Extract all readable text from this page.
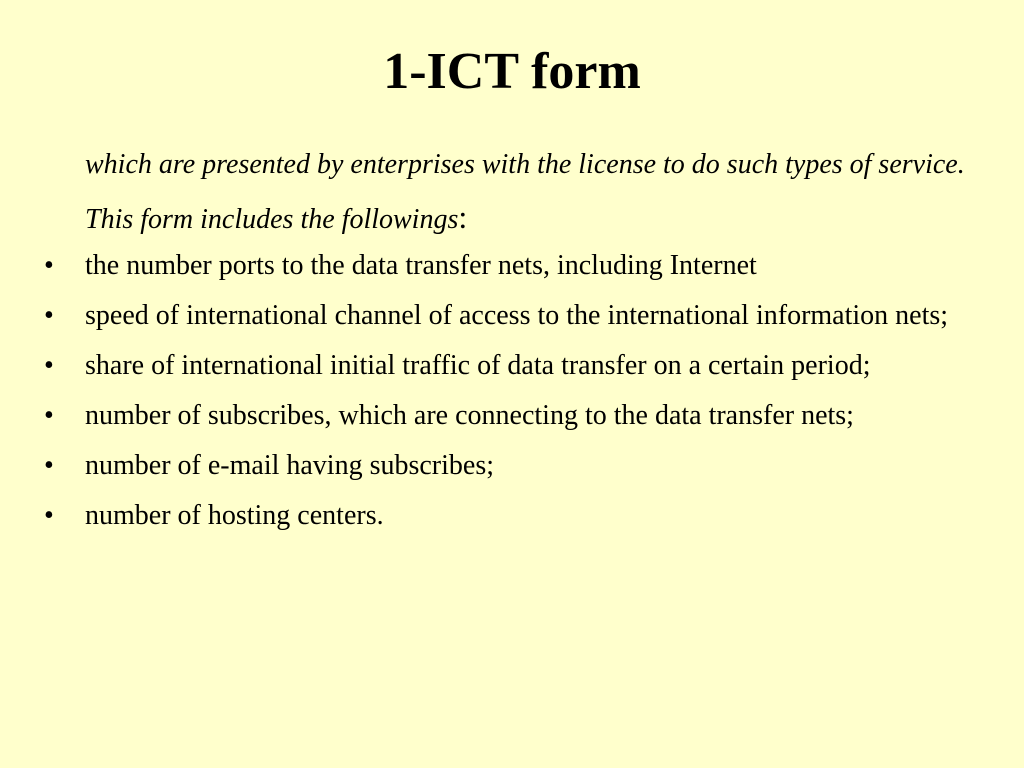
1-ICT form

which are presented by enterprises with the license to do such types of service. This form includes the followings:

• the number ports to the data transfer nets, including Internet
• speed of international channel of access to the international information nets;
• share of international initial traffic of data transfer on a certain period;
• number of subscribes, which are connecting to the data transfer nets;
• number of e-mail having subscribes;
• number of hosting centers.
